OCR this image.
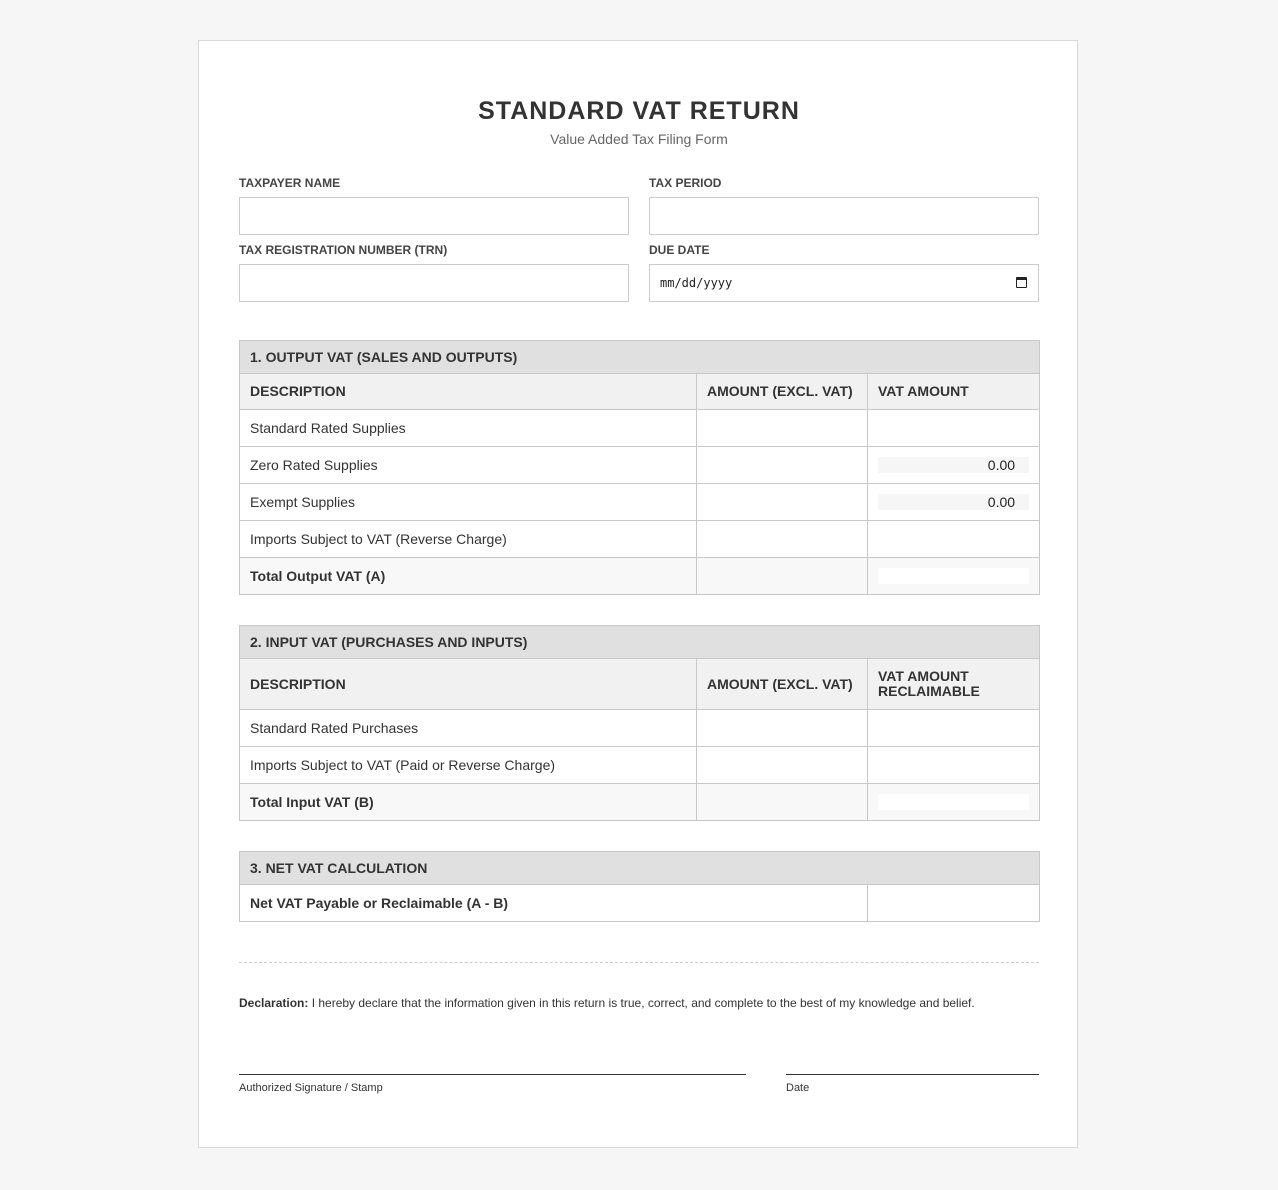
STANDARD VAT RETURN
Value Added Tax Filing Form
TAXPAYER NAME	TAX PERIOD
TAX REGISTRATION NUMBER (TRN)	DUE DATE
mm/dd/yyyy
1. OUTPUT VAT (SALES AND OUTPUTS)		
DESCRIPTION	AMOUNT (EXCL. VAT)	VAT AMOUNT
Standard Rated Supplies		
Zero Rated Supplies		0.00

Exempt Supplies		0.00

Imports Subject to VAT (Reverse Charge)		
Total Output VAT (A)		
2. INPUT VAT (PURCHASES AND INPUTS)		
DESCRIPTION	AMOUNT (EXCL. VAT)	VAT AMOUNT RECLAIMABLE
Standard Rated Purchases		
Imports Subject to VAT (Paid or Reverse Charge)		
Total Input VAT (B)		
3. NET VAT CALCULATION
Net VAT Payable or Reclaimable (A - B)	
Declaration: I hereby declare that the information given in this return is true, correct, and complete to the best of my knowledge and belief.
Authorized Signature / Stamp	Date
